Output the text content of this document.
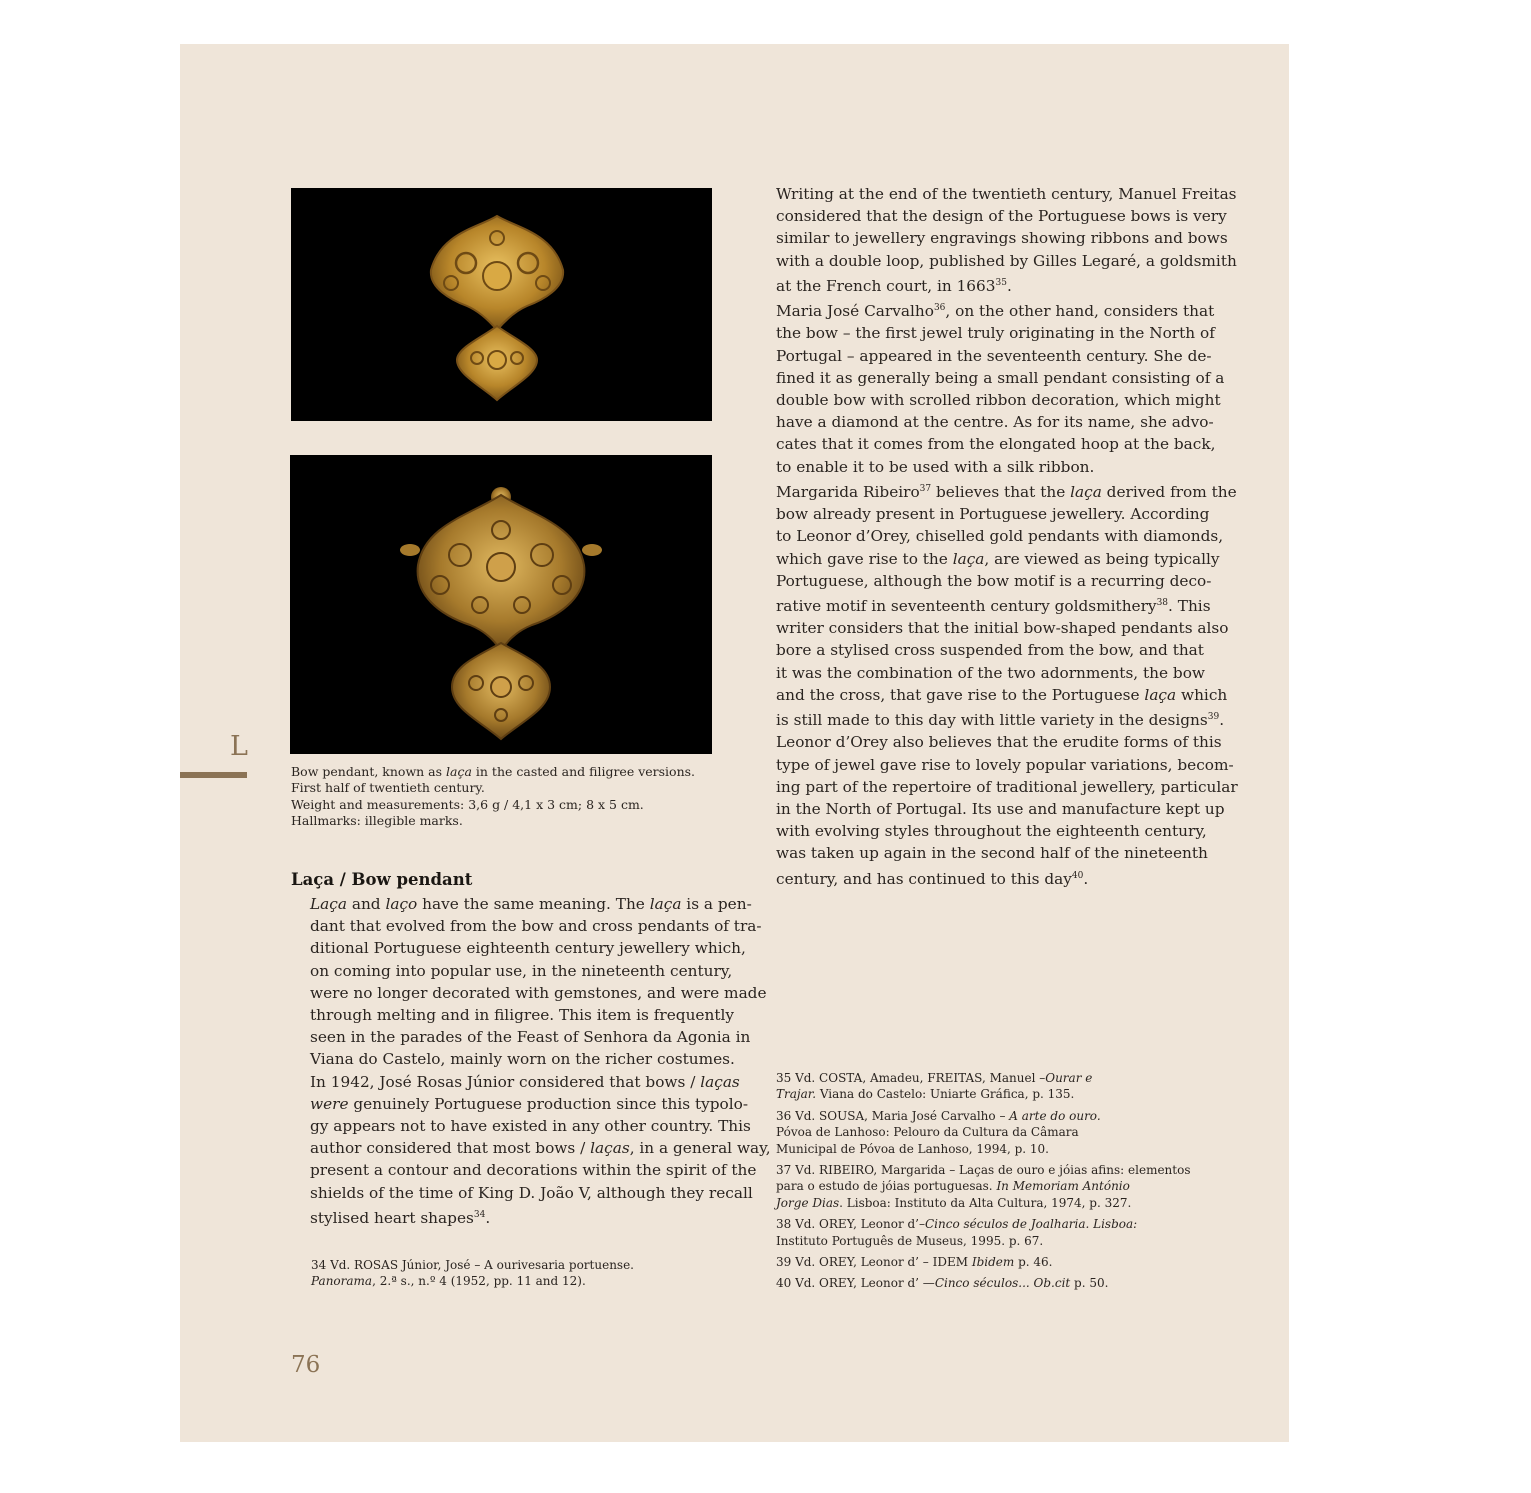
L
Bow pendant, known as laça in the casted and filigree versions.
First half of twentieth century.
Weight and measurements: 3,6 g / 4,1 x 3 cm; 8 x 5 cm.
Hallmarks: illegible marks.
Laça / Bow pendant
Laça and laço have the same meaning. The laça is a pen-
dant that evolved from the bow and cross pendants of tra-
ditional Portuguese eighteenth century jewellery which,
on coming into popular use, in the nineteenth century,
were no longer decorated with gemstones, and were made
through melting and in filigree. This item is frequently
seen in the parades of the Feast of Senhora da Agonia in
Viana do Castelo, mainly worn on the richer costumes.
In 1942, José Rosas Júnior considered that bows / laças
were genuinely Portuguese production since this typolo-
gy appears not to have existed in any other country. This
author considered that most bows / laças, in a general way,
present a contour and decorations within the spirit of the
shields of the time of King D. João V, although they recall
stylised heart shapes$^{34}$.
Writing at the end of the twentieth century, Manuel Freitas
considered that the design of the Portuguese bows is very
similar to jewellery engravings showing ribbons and bows
with a double loop, published by Gilles Legaré, a goldsmith
at the French court, in 1663$^{35}$.
Maria José Carvalho$^{36}$, on the other hand, considers that
the bow – the first jewel truly originating in the North of
Portugal – appeared in the seventeenth century. She de-
fined it as generally being a small pendant consisting of a
double bow with scrolled ribbon decoration, which might
have a diamond at the centre. As for its name, she advo-
cates that it comes from the elongated hoop at the back,
to enable it to be used with a silk ribbon.
Margarida Ribeiro$^{37}$ believes that the laça derived from the
bow already present in Portuguese jewellery. According
to Leonor d’Orey, chiselled gold pendants with diamonds,
which gave rise to the laça, are viewed as being typically
Portuguese, although the bow motif is a recurring deco-
rative motif in seventeenth century goldsmithery$^{38}$. This
writer considers that the initial bow-shaped pendants also
bore a stylised cross suspended from the bow, and that
it was the combination of the two adornments, the bow
and the cross, that gave rise to the Portuguese laça which
is still made to this day with little variety in the designs$^{39}$.
Leonor d’Orey also believes that the erudite forms of this
type of jewel gave rise to lovely popular variations, becom-
ing part of the repertoire of traditional jewellery, particular
in the North of Portugal. Its use and manufacture kept up
with evolving styles throughout the eighteenth century,
was taken up again in the second half of the nineteenth
century, and has continued to this day$^{40}$.
34 Vd. ROSAS Júnior, José – A ourivesaria portuense.
Panorama, 2.ª s., n.º 4 (1952, pp. 11 and 12).
35 Vd. COSTA, Amadeu, FREITAS, Manuel –Ourar e
Trajar. Viana do Castelo: Uniarte Gráfica, p. 135.
36 Vd. SOUSA, Maria José Carvalho – A arte do ouro.
Póvoa de Lanhoso: Pelouro da Cultura da Câmara
Municipal de Póvoa de Lanhoso, 1994, p. 10.
37 Vd. RIBEIRO, Margarida – Laças de ouro e jóias afins: elementos
para o estudo de jóias portuguesas. In Memoriam António
Jorge Dias. Lisboa: Instituto da Alta Cultura, 1974, p. 327.
38 Vd. OREY, Leonor d’–Cinco séculos de Joalharia. Lisboa:
Instituto Português de Museus, 1995. p. 67.
39 Vd. OREY, Leonor d’ – IDEM Ibidem p. 46.
40 Vd. OREY, Leonor d’ —Cinco séculos... Ob.cit p. 50.
76
